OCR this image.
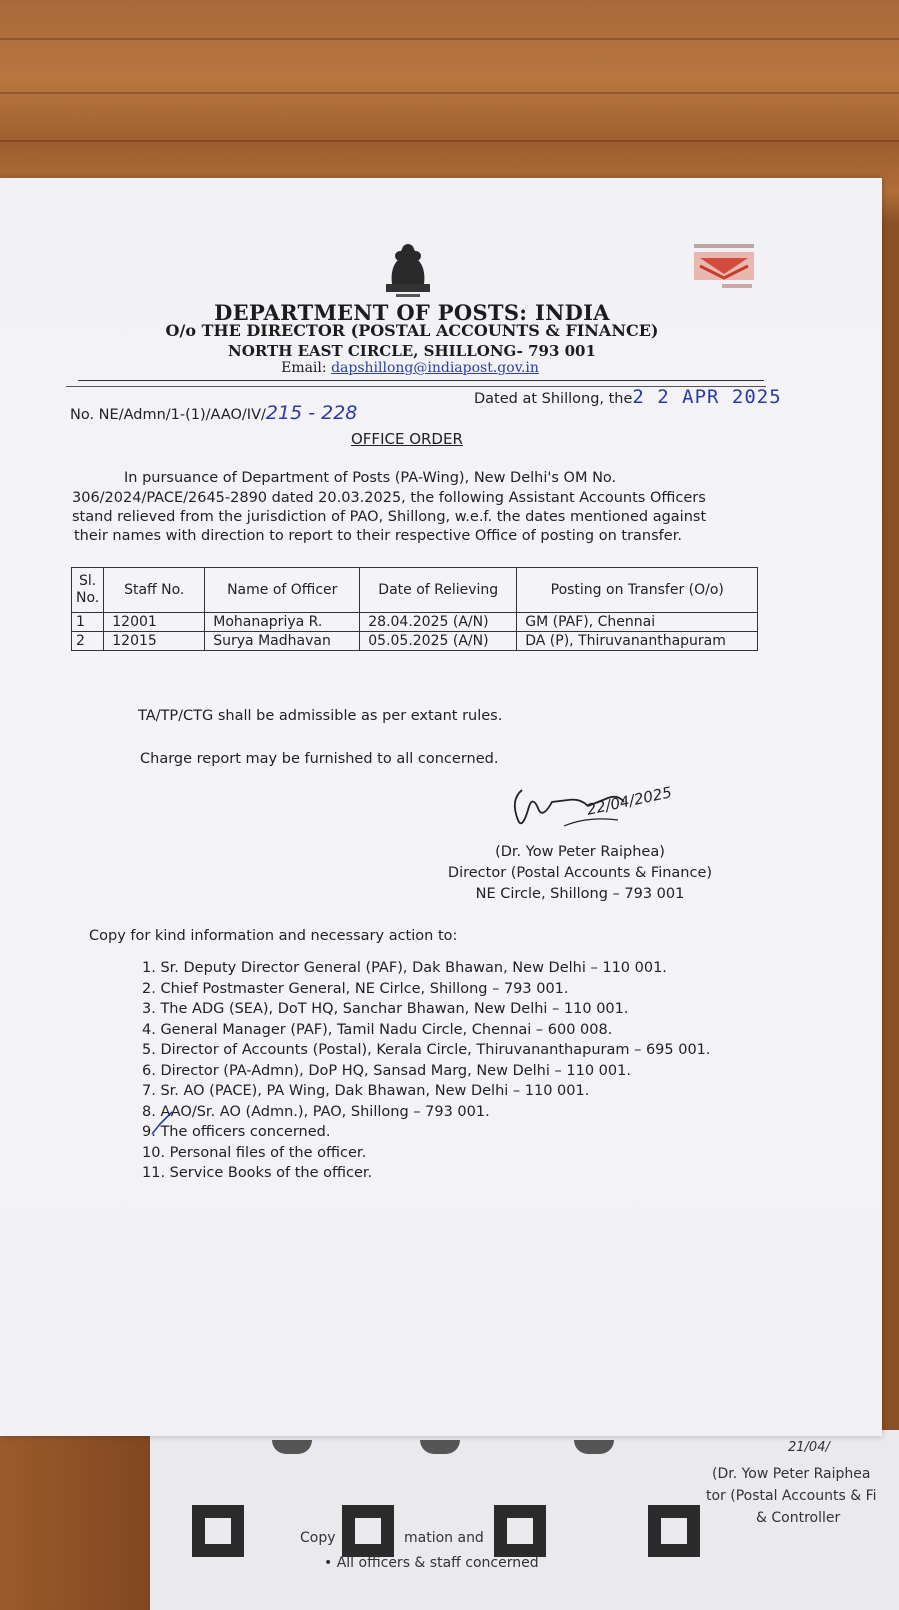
21/04/
(Dr. Yow Peter Raiphea
tor (Postal Accounts & Fi
& Controller
Copy	mation and
• All officers & staff concerned
DEPARTMENT OF POSTS: INDIA
O/o THE DIRECTOR (POSTAL ACCOUNTS & FINANCE)
NORTH EAST CIRCLE, SHILLONG- 793 001
Email: dapshillong@indiapost.gov.in
No. NE/Admn/1-(1)/AAO/IV/215 - 228
Dated at Shillong, the2 2 APR 2025
OFFICE ORDER
In pursuance of Department of Posts (PA-Wing), New Delhi's OM No.
306/2024/PACE/2645-2890 dated 20.03.2025, the following Assistant Accounts Officers
stand relieved from the jurisdiction of PAO, Shillong, w.e.f. the dates mentioned against
their names with direction to report to their respective Office of posting on transfer.
Sl.
No.	Staff No.	Name of Officer	Date of Relieving	Posting on Transfer (O/o)
1	12001	Mohanapriya R.	28.04.2025 (A/N)	GM (PAF), Chennai
2	12015	Surya Madhavan	05.05.2025 (A/N)	DA (P), Thiruvananthapuram
TA/TP/CTG shall be admissible as per extant rules.
Charge report may be furnished to all concerned.
22/04/2025
(Dr. Yow Peter Raiphea)
Director (Postal Accounts & Finance)
NE Circle, Shillong – 793 001
Copy for kind information and necessary action to:
1. Sr. Deputy Director General (PAF), Dak Bhawan, New Delhi – 110 001.
2. Chief Postmaster General, NE Cirlce, Shillong – 793 001.
3. The ADG (SEA), DoT HQ, Sanchar Bhawan, New Delhi – 110 001.
4. General Manager (PAF), Tamil Nadu Circle, Chennai – 600 008.
5. Director of Accounts (Postal), Kerala Circle, Thiruvananthapuram – 695 001.
6. Director (PA-Admn), DoP HQ, Sansad Marg, New Delhi – 110 001.
7. Sr. AO (PACE), PA Wing, Dak Bhawan, New Delhi – 110 001.
8. AAO/Sr. AO (Admn.), PAO, Shillong – 793 001.
9. The officers concerned.
10. Personal files of the officer.
11. Service Books of the officer.
